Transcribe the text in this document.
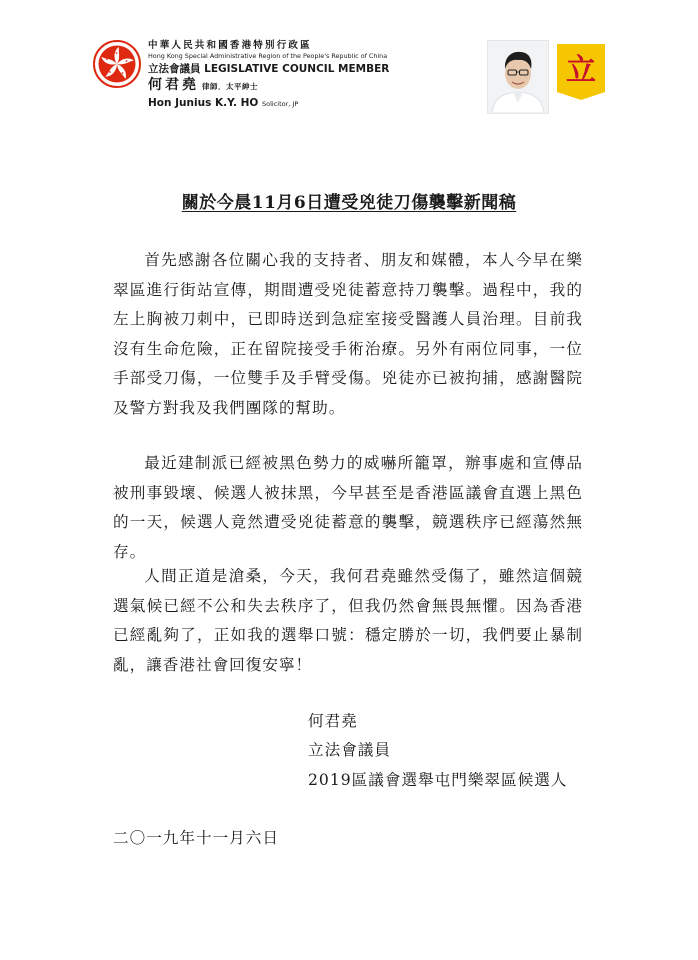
中華人民共和國香港特別行政區
Hong Kong Special Administrative Region of the People's Republic of China
立法會議員 LEGISLATIVE COUNCIL MEMBER
何君堯 律師．太平紳士
Hon Junius K.Y. HO Solicitor, JP
立
關於今晨11月6日遭受兇徒刀傷襲擊新聞稿

首先感謝各位關心我的支持者、朋友和媒體，本人今早在樂翠區進行街站宣傳，期間遭受兇徒蓄意持刀襲擊。過程中，我的左上胸被刀刺中，已即時送到急症室接受醫護人員治理。目前我沒有生命危險，正在留院接受手術治療。另外有兩位同事，一位手部受刀傷，一位雙手及手臂受傷。兇徒亦已被拘捕，感謝醫院及警方對我及我們團隊的幫助。

最近建制派已經被黑色勢力的威嚇所籠罩，辦事處和宣傳品被刑事毀壞、候選人被抹黑，今早甚至是香港區議會直選上黑色的一天，候選人竟然遭受兇徒蓄意的襲擊，競選秩序已經蕩然無存。

人間正道是滄桑，今天，我何君堯雖然受傷了，雖然這個競選氣候已經不公和失去秩序了，但我仍然會無畏無懼。因為香港已經亂夠了，正如我的選舉口號：穩定勝於一切，我們要止暴制亂，讓香港社會回復安寧！

何君堯
立法會議員
2019區議會選舉屯門樂翠區候選人
二〇一九年十一月六日
